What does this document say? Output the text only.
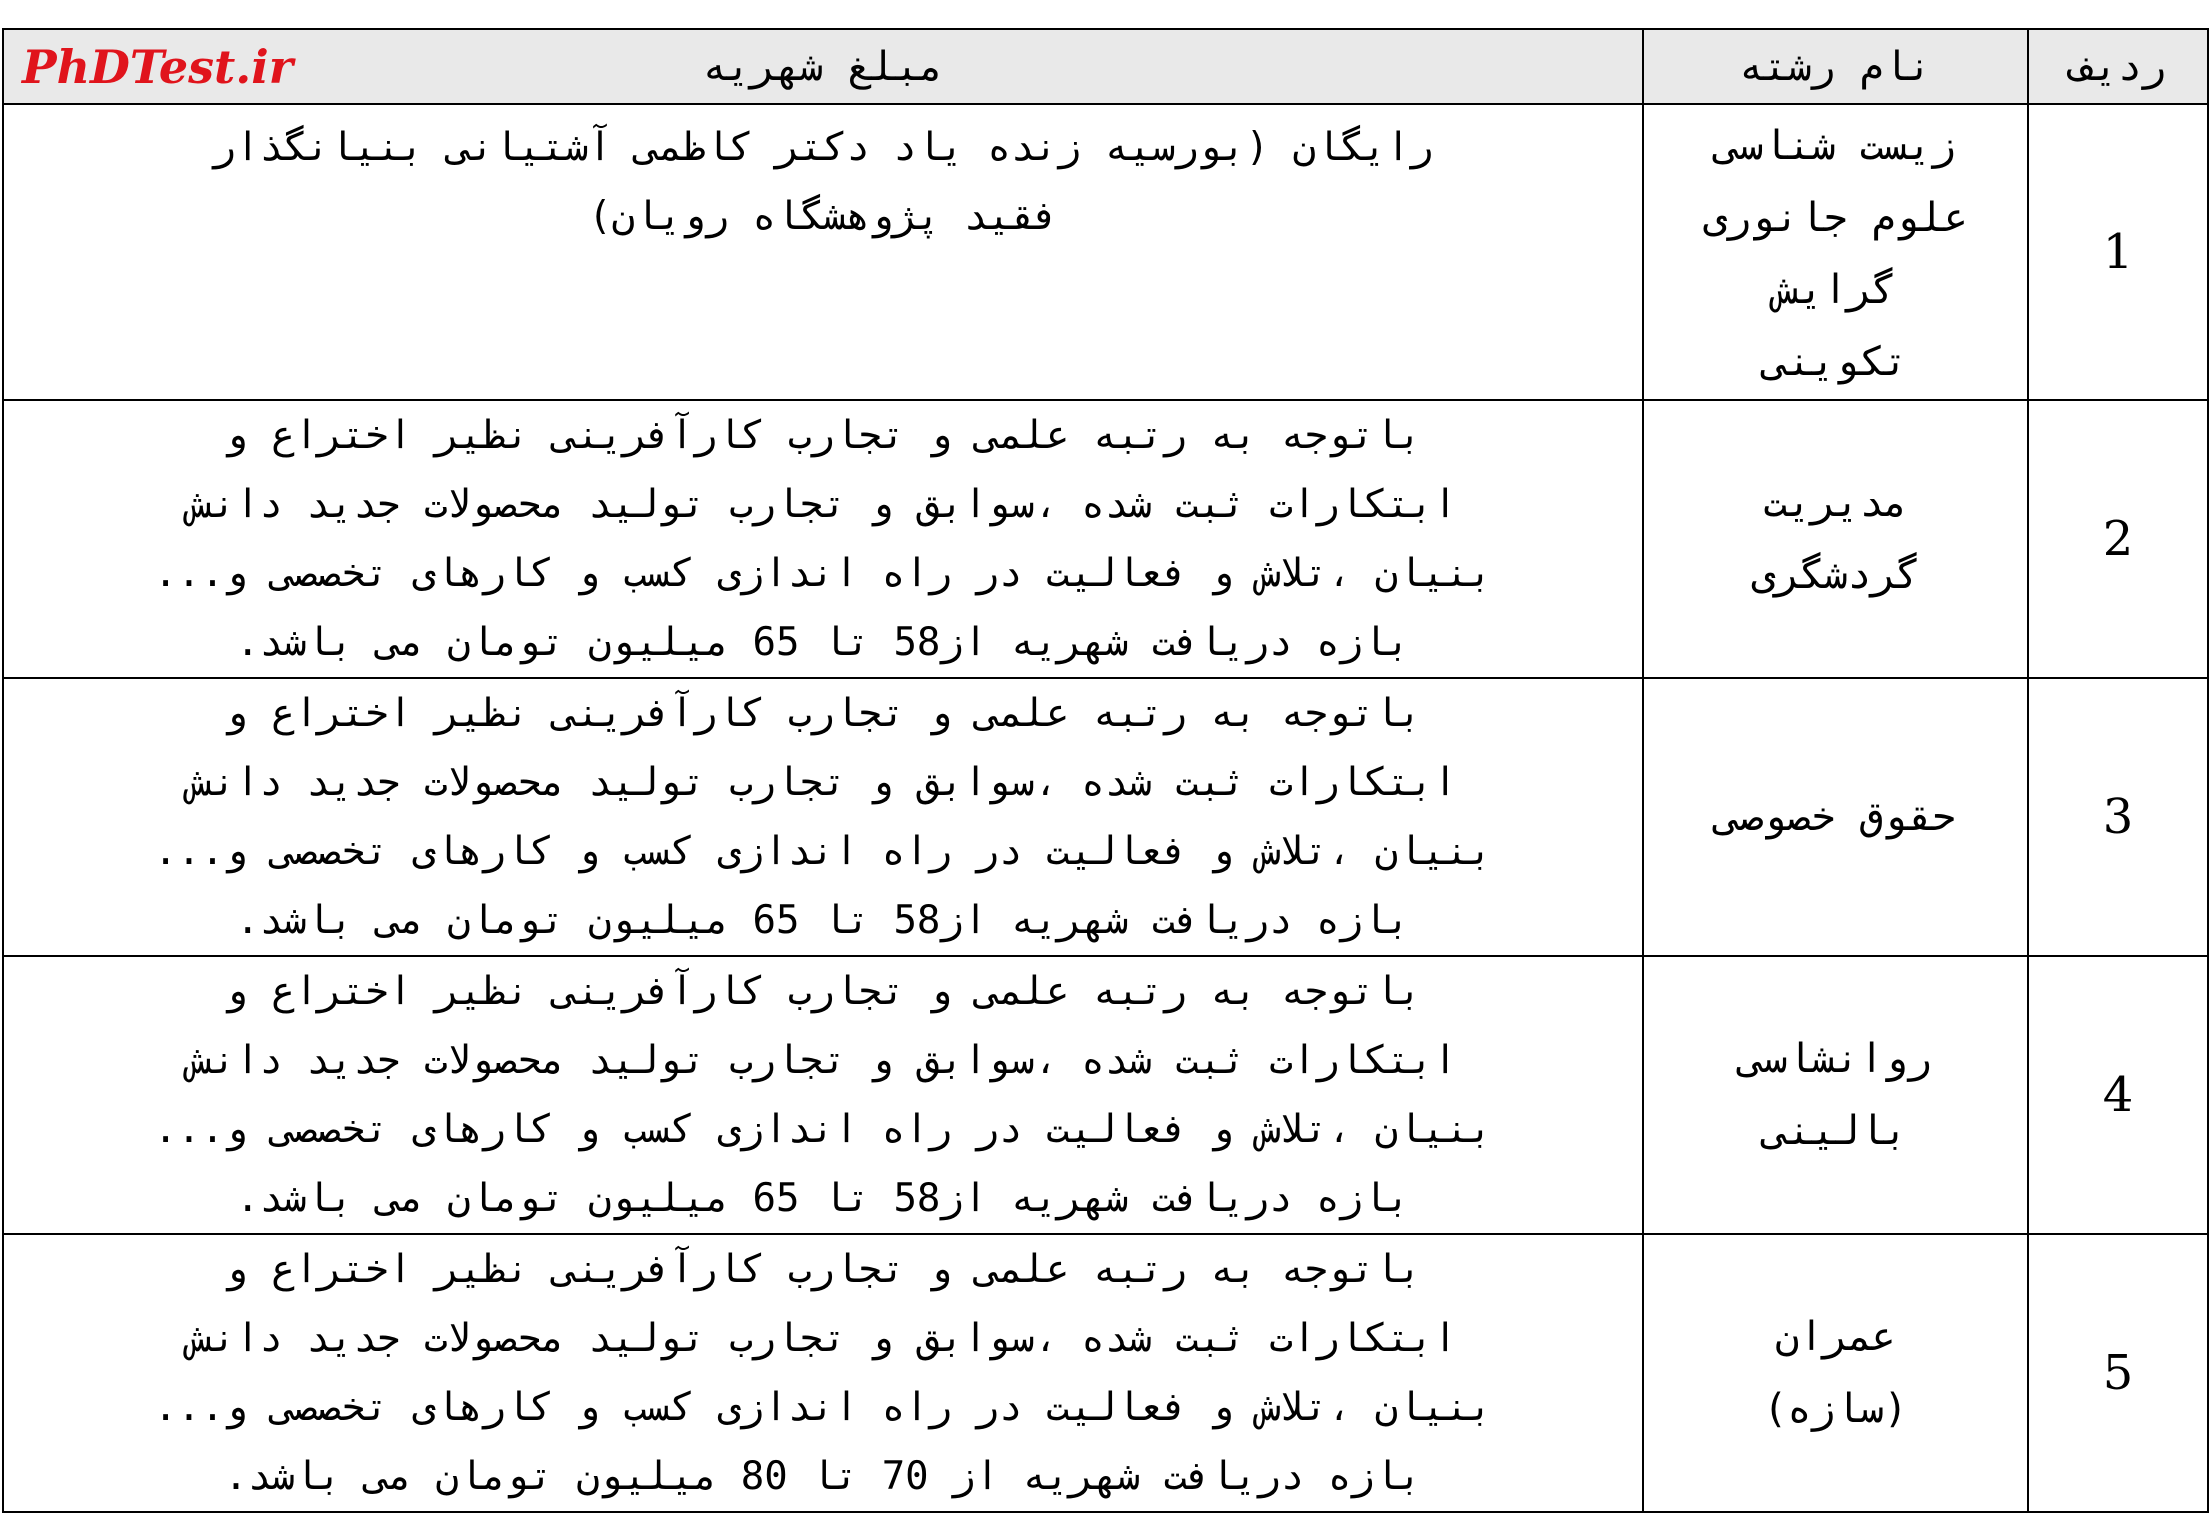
ردیف	نام رشته	مبلغ شهریه
PhDTest.ir

1	زیست شناسی
علوم جانوری
گرایش
تکوینی	رایگان (بورسیه زنده یاد دکتر کاظمی آشتیانی بنیانگذار
فقید پژوهشگاه رویان)

2	مدیریت
گردشگری	باتوجه به رتبه علمی و تجارب کارآفرینی نظیر اختراع و
ابتکارات ثبت شده ،سوابق و تجارب تولید محصولات جدید دانش
بنیان ،تلاش و فعالیت در راه اندازی کسب و کارهای تخصصی و...
بازه دریافت شهریه از58 تا 65 میلیون تومان می باشد.

3	حقوق خصوصی	باتوجه به رتبه علمی و تجارب کارآفرینی نظیر اختراع و
ابتکارات ثبت شده ،سوابق و تجارب تولید محصولات جدید دانش
بنیان ،تلاش و فعالیت در راه اندازی کسب و کارهای تخصصی و...
بازه دریافت شهریه از58 تا 65 میلیون تومان می باشد.

4	روانشاسی
بالینی	باتوجه به رتبه علمی و تجارب کارآفرینی نظیر اختراع و
ابتکارات ثبت شده ،سوابق و تجارب تولید محصولات جدید دانش
بنیان ،تلاش و فعالیت در راه اندازی کسب و کارهای تخصصی و...
بازه دریافت شهریه از58 تا 65 میلیون تومان می باشد.

5	عمران
(سازه)	باتوجه به رتبه علمی و تجارب کارآفرینی نظیر اختراع و
ابتکارات ثبت شده ،سوابق و تجارب تولید محصولات جدید دانش
بنیان ،تلاش و فعالیت در راه اندازی کسب و کارهای تخصصی و...
بازه دریافت شهریه از 70 تا 80 میلیون تومان می باشد.
